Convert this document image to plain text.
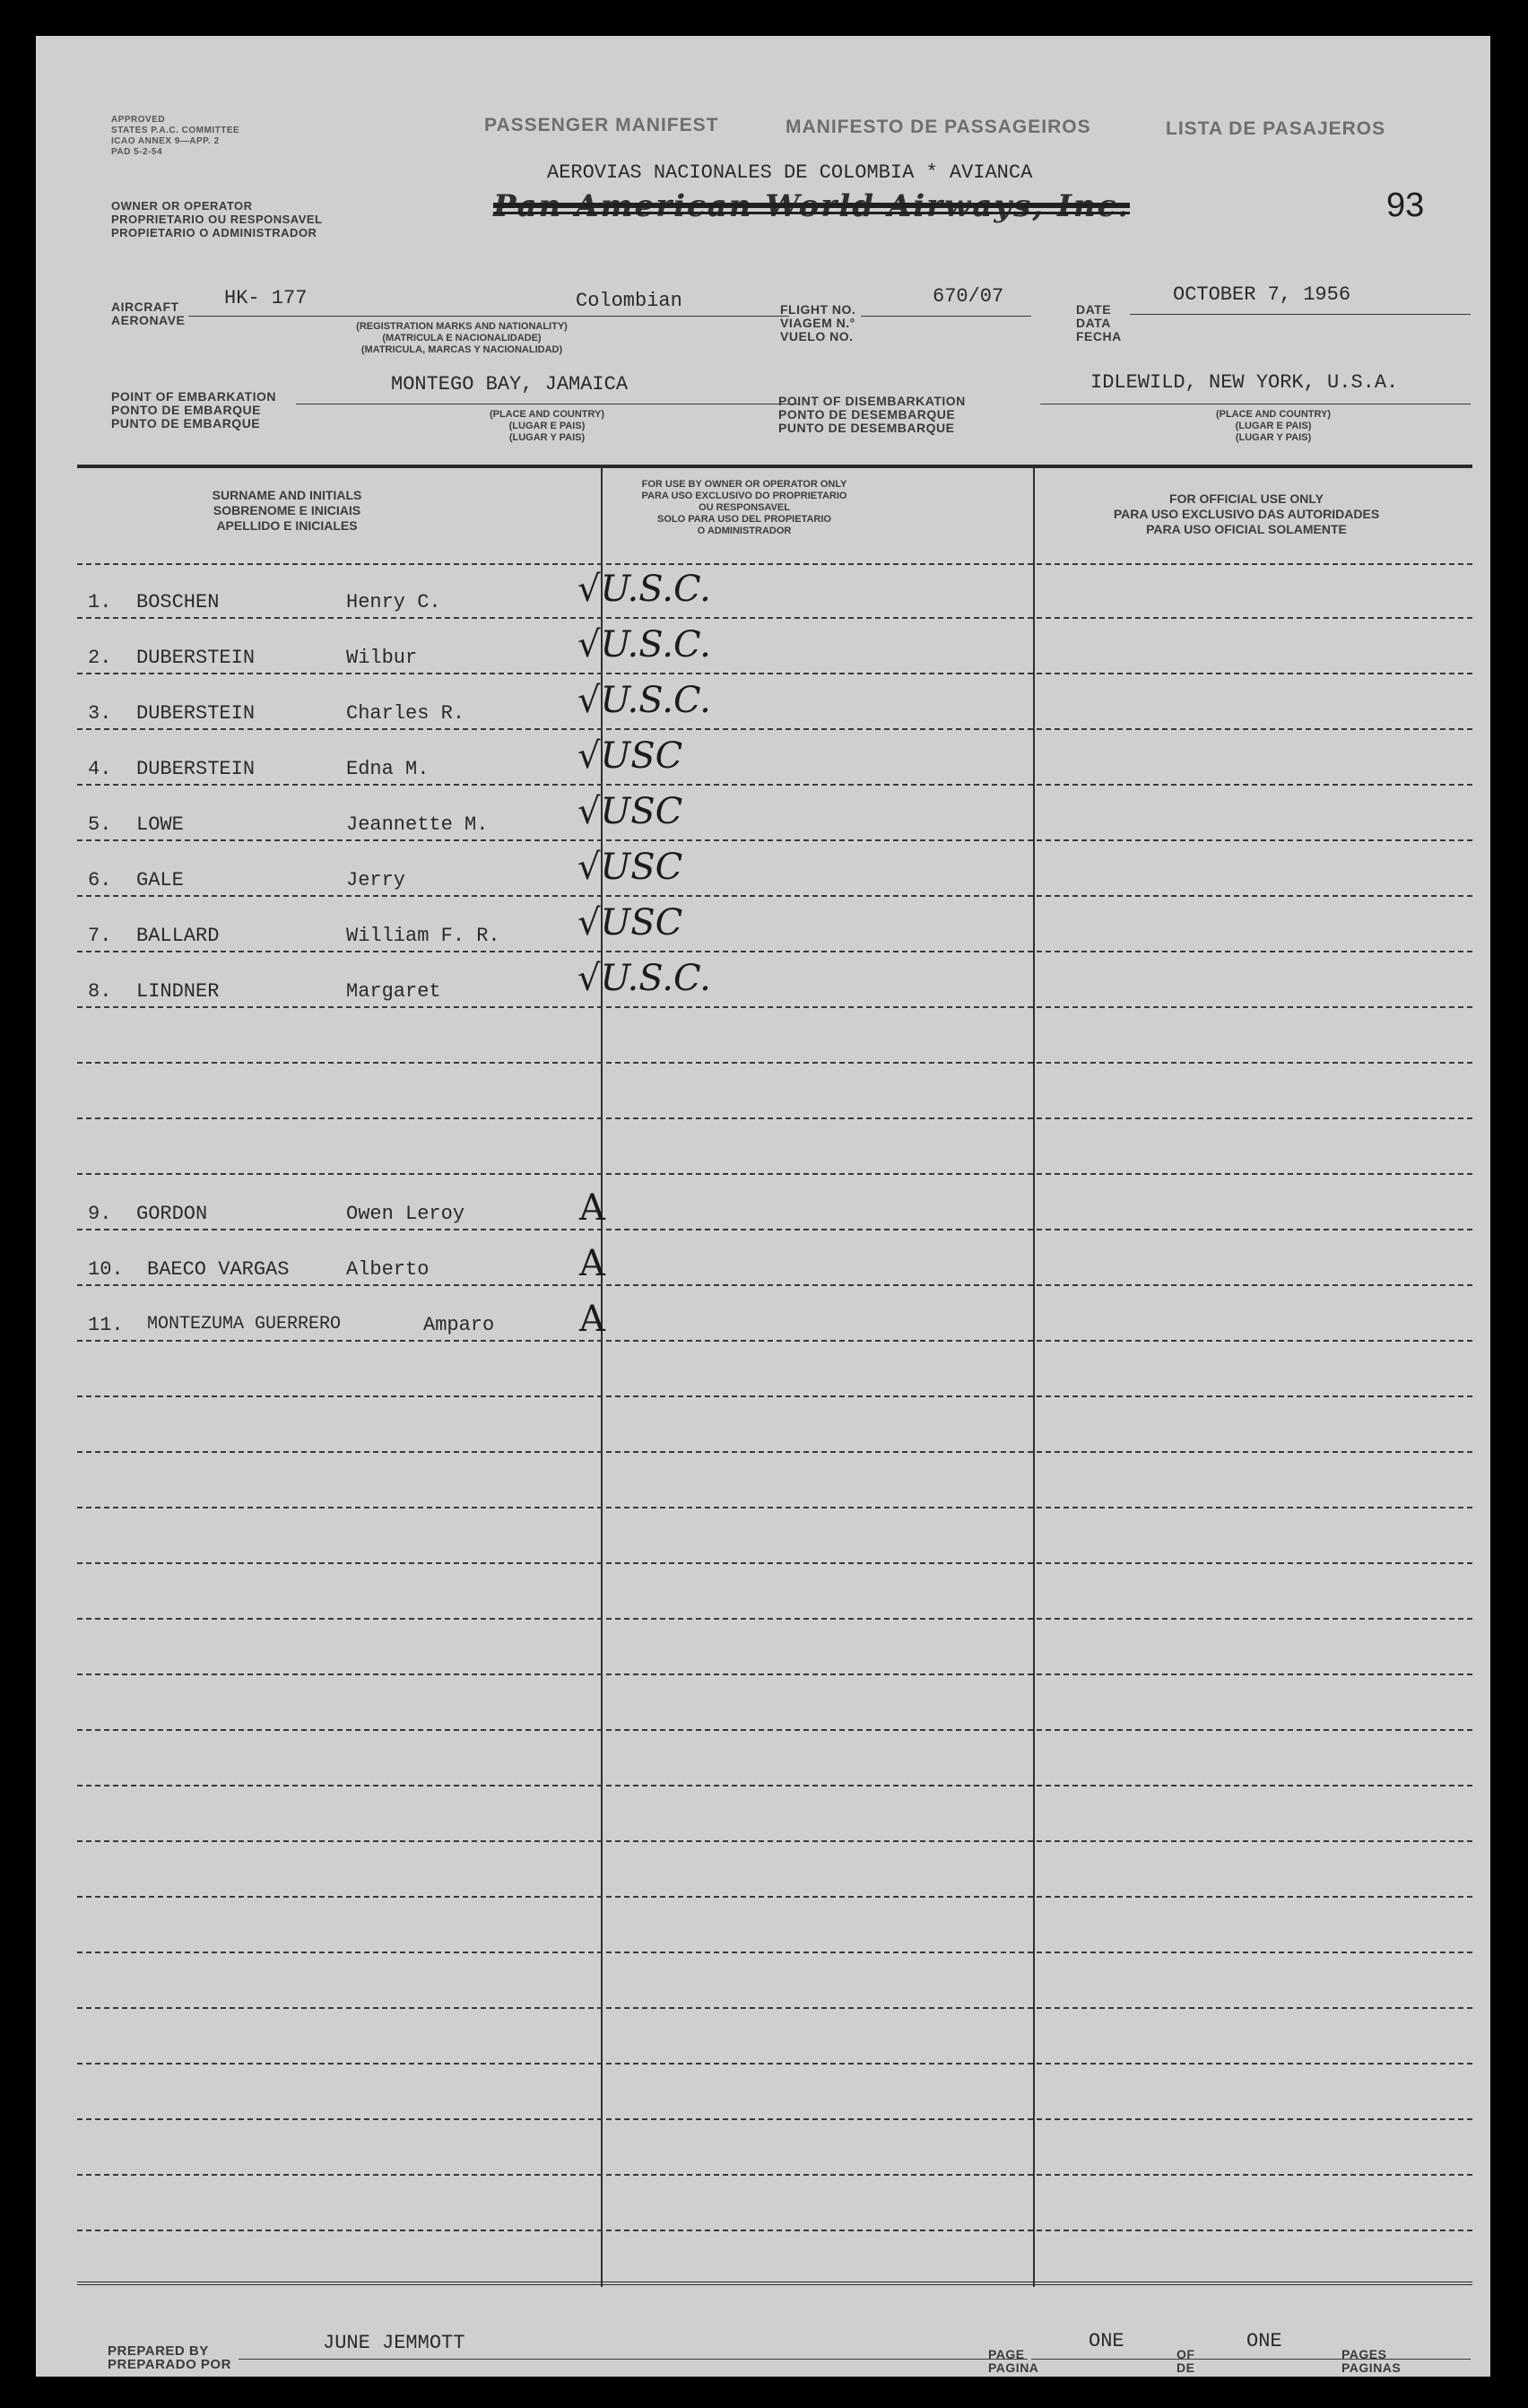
APPROVED
STATES P.A.C. COMMITTEE
ICAO ANNEX 9—APP. 2
PAD 5-2-54
PASSENGER MANIFEST	MANIFESTO DE PASSAGEIROS	LISTA DE PASAJEROS
OWNER OR OPERATOR
PROPRIETARIO OU RESPONSAVEL
PROPIETARIO O ADMINISTRADOR
AEROVIAS NACIONALES DE COLOMBIA * AVIANCA
Pan American World Airways, Inc.	93
AIRCRAFT
AERONAVE
HK- 177	Colombian
(REGISTRATION MARKS AND NATIONALITY)
(MATRICULA E NACIONALIDADE)
(MATRICULA, MARCAS Y NACIONALIDAD)
FLIGHT NO.
VIAGEM N.°
VUELO NO.
670/07
DATE
DATA
FECHA
OCTOBER 7, 1956
POINT OF EMBARKATION
PONTO DE EMBARQUE
PUNTO DE EMBARQUE
MONTEGO BAY, JAMAICA
(PLACE AND COUNTRY)
(LUGAR E PAIS)
(LUGAR Y PAIS)
POINT OF DISEMBARKATION
PONTO DE DESEMBARQUE
PUNTO DE DESEMBARQUE
IDLEWILD, NEW YORK, U.S.A.
(PLACE AND COUNTRY)
(LUGAR E PAIS)
(LUGAR Y PAIS)
SURNAME AND INITIALS
SOBRENOME E INICIAIS
APELLIDO E INICIALES
FOR USE BY OWNER OR OPERATOR ONLY
PARA USO EXCLUSIVO DO PROPRIETARIO
OU RESPONSAVEL
SOLO PARA USO DEL PROPIETARIO
O ADMINISTRADOR
FOR OFFICIAL USE ONLY
PARA USO EXCLUSIVO DAS AUTORIDADES
PARA USO OFICIAL SOLAMENTE
1. BOSCHEN	Henry C.	√U.S.C.
2. DUBERSTEIN	Wilbur	√U.S.C.
3. DUBERSTEIN	Charles R.	√U.S.C.
4. DUBERSTEIN	Edna M.	√USC
5. LOWE	Jeannette M. √USC
6. GALE	Jerry	√USC
7. BALLARD	William F. R. √USC
8. LINDNER	Margaret	√U.S.C.
9. GORDON	Owen Leroy	A
10. BAECO VARGAS	Alberto	A
11. MONTEZUMA GUERRERO	Amparo A
PREPARED BY
PREPARADO POR
JUNE JEMMOTT	PAGE
PAGINA
ONE
OF
DE
ONE
PAGES
PAGINAS
